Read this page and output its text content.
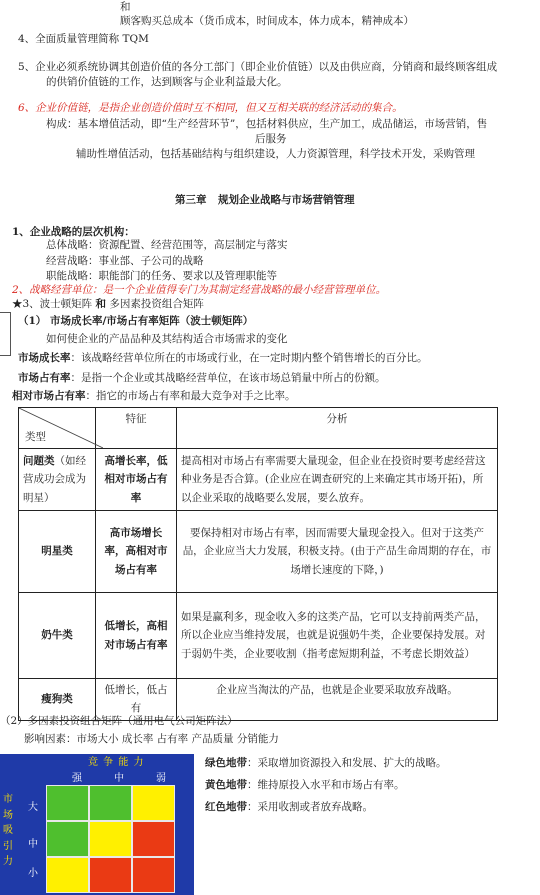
和
顾客购买总成本（货币成本，时间成本，体力成本，精神成本）
4、全面质量管理简称 TQM
5、企业必须系统协调其创造价值的各分工部门（即企业价值链）以及由供应商，分销商和最终顾客组成
的供销价值链的工作，达到顾客与企业利益最大化。
6、企业价值链，是指企业创造价值时互不相同，但又互相关联的经济活动的集合。
构成：基本增值活动，即“生产经营环节”，包括材料供应，生产加工，成品储运，市场营销，售
后服务
辅助性增值活动，包括基础结构与组织建设，人力资源管理，科学技术开发，采购管理
第三章 规划企业战略与市场营销管理
1、企业战略的层次机构：
总体战略：资源配置、经营范围等，高层制定与落实
经营战略：事业部、子公司的战略
职能战略：职能部门的任务、要求以及管理职能等
2、战略经营单位：是一个企业值得专门为其制定经营战略的最小经营管理单位。
★3、波士顿矩阵 和 多因素投资组合矩阵
（1） 市场成长率/市场占有率矩阵（波士顿矩阵）
如何使企业的产品品种及其结构适合市场需求的变化
市场成长率：该战略经营单位所在的市场或行业，在一定时期内整个销售增长的百分比。
市场占有率：是指一个企业或其战略经营单位，在该市场总销量中所占的份额。
相对市场占有率：指它的市场占有率和最大竞争对手之比率。
类型	特征	分析
问题类（如经营成功会成为明星）	高增长率，低相对市场占有率	提高相对市场占有率需要大量现金，但企业在投资时要考虑经营这种业务是否合算。(企业应在调查研究的上来确定其市场开拓)，所以企业采取的战略要么发展，要么放弃。
明星类	高市场增长率，高相对市场占有率	要保持相对市场占有率，因而需要大量现金投入。但对于这类产品，企业应当大力发展，积极支持。(由于产品生命周期的存在，市场增长速度的下降，)
奶牛类	低增长，高相对市场占有率	如果是赢利多，现金收入多的这类产品，它可以支持前两类产品，所以企业应当维持发展，也就是说强奶牛类，企业要保持发展。对于弱奶牛类，企业要收割（指考虑短期利益，不考虑长期效益）
瘦狗类	低增长，低占有	企业应当淘汰的产品，也就是企业要采取放弃战略。
（2）多因素投资组合矩阵（通用电气公司矩阵法）
影响因素：市场大小 成长率 占有率 产品质量 分销能力
竞 争 能 力
强	中	弱
市
场
吸
引
力
大
中
小
绿色地带：采取增加资源投入和发展、扩大的战略。
黄色地带：维持原投入水平和市场占有率。
红色地带：采用收割或者放弃战略。
